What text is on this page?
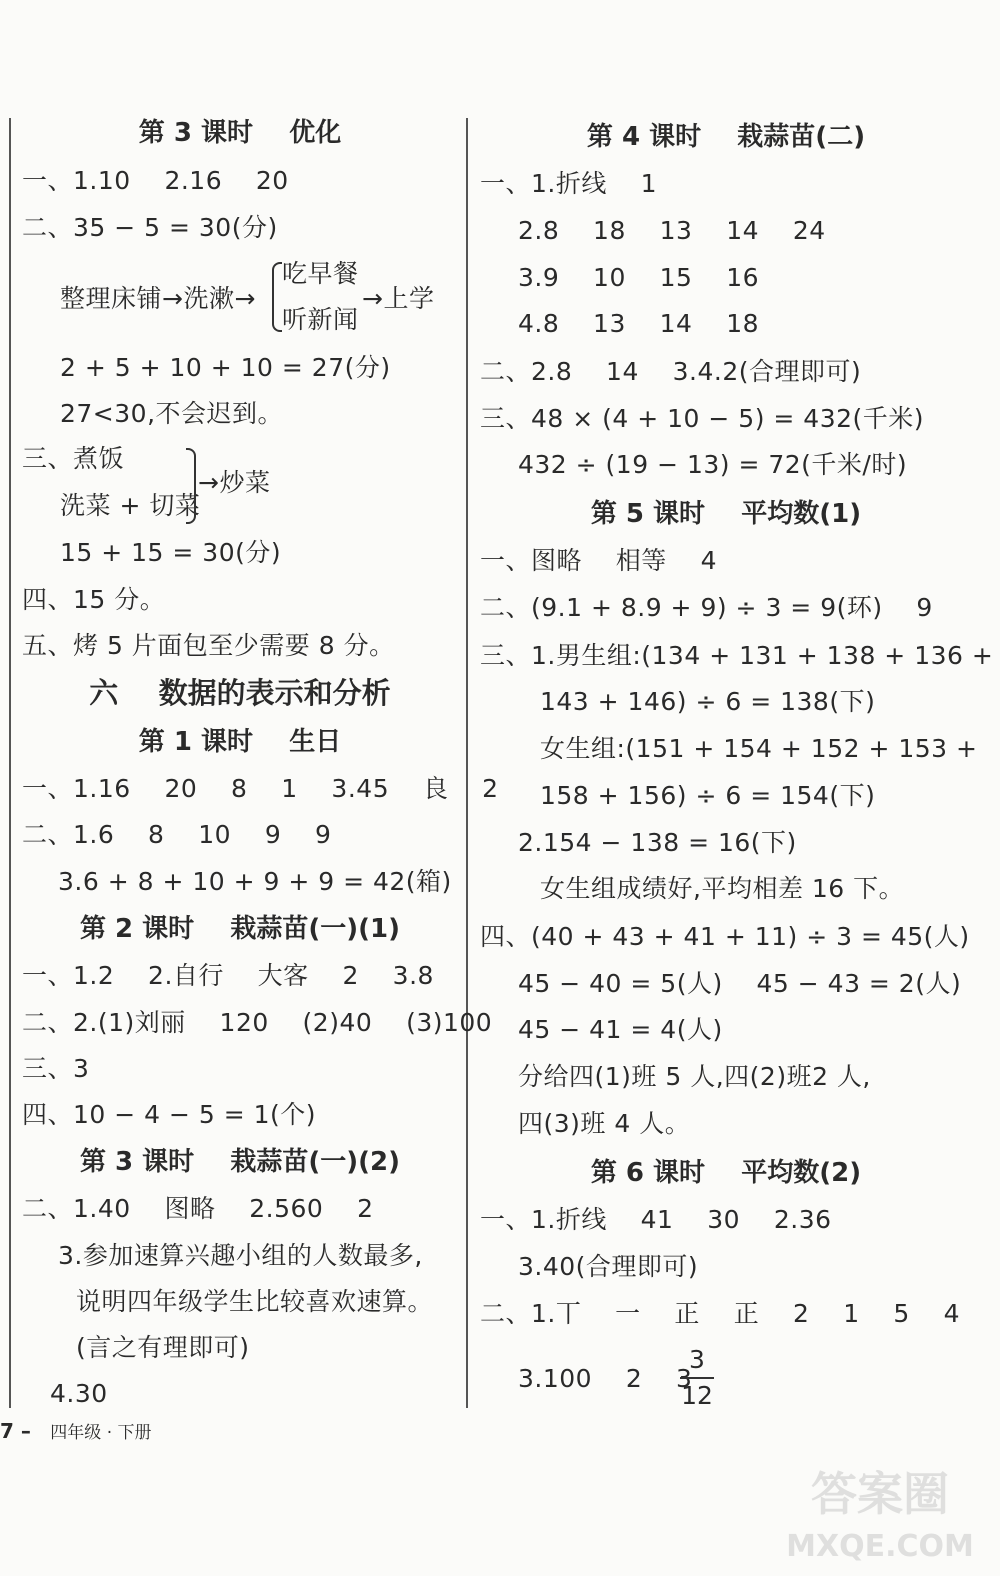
第 3 课时    优化
一、1.10    2.16    20
二、35 − 5 = 30(分)
整理床铺→洗漱→
吃早餐
听新闻
→上学
2 + 5 + 10 + 10 = 27(分)
27<30,不会迟到。
三、煮饭
洗菜 + 切菜
→炒菜
15 + 15 = 30(分)
四、15 分。
五、烤 5 片面包至少需要 8 分。
六    数据的表示和分析
第 1 课时    生日
一、1.16    20    8    1    3.45    良    2
二、1.6    8    10    9    9
3.6 + 8 + 10 + 9 + 9 = 42(箱)
第 2 课时    栽蒜苗(一)(1)
一、1.2    2.自行    大客    2    3.8
二、2.(1)刘丽    120    (2)40    (3)100
三、3
四、10 − 4 − 5 = 1(个)
第 3 课时    栽蒜苗(一)(2)
二、1.40    图略    2.560    2
3.参加速算兴趣小组的人数最多,
说明四年级学生比较喜欢速算。
(言之有理即可)
4.30
第 4 课时    栽蒜苗(二)
一、1.折线    1
2.8    18    13    14    24
3.9    10    15    16
4.8    13    14    18
二、2.8    14    3.4.2(合理即可)
三、48 × (4 + 10 − 5) = 432(千米)
432 ÷ (19 − 13) = 72(千米/时)
第 5 课时    平均数(1)
一、图略    相等    4
二、(9.1 + 8.9 + 9) ÷ 3 = 9(环)    9
三、1.男生组:(134 + 131 + 138 + 136 +
143 + 146) ÷ 6 = 138(下)
女生组:(151 + 154 + 152 + 153 +
158 + 156) ÷ 6 = 154(下)
2.154 − 138 = 16(下)
女生组成绩好,平均相差 16 下。
四、(40 + 43 + 41 + 11) ÷ 3 = 45(人)
45 − 40 = 5(人)    45 − 43 = 2(人)
45 − 41 = 4(人)
分给四(1)班 5 人,四(2)班2 人,
四(3)班 4 人。
第 6 课时    平均数(2)
一、1.折线    41    30    2.36
3.40(合理即可)
二、1.丅    一    正    正    2    1    5    4
3.100    2    3
3
12
7 – 四年级 · 下册
答案圈
MXQE.COM
